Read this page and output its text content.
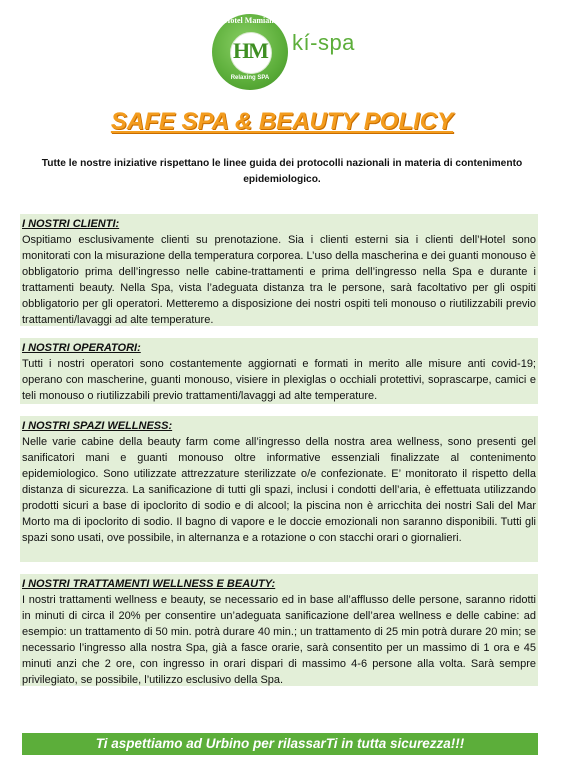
Hotel Mamiani
HM
Relaxing SPA
kí-spa
SAFE SPA & BEAUTY POLICY
Tutte le nostre iniziative rispettano le linee guida dei protocolli nazionali in materia di contenimento epidemiologico.
I NOSTRI CLIENTI:

Ospitiamo esclusivamente clienti su prenotazione. Sia i clienti esterni sia i clienti dell’Hotel sono monitorati con la misurazione della temperatura corporea. L’uso della mascherina e dei guanti monouso è obbligatorio prima dell’ingresso nelle cabine-trattamenti e prima dell’ingresso nella Spa e durante i trattamenti beauty. Nella Spa, vista l’adeguata distanza tra le persone, sarà facoltativo per gli ospiti obbligatorio per gli operatori. Metteremo a disposizione dei nostri ospiti teli monouso o riutilizzabili previo trattamenti/lavaggi ad alte temperature.

I NOSTRI OPERATORI:

Tutti i nostri operatori sono costantemente aggiornati e formati in merito alle misure anti covid-19; operano con mascherine, guanti monouso, visiere in plexiglas o occhiali protettivi, soprascarpe, camici e teli monouso o riutilizzabili previo trattamenti/lavaggi ad alte temperature.

I NOSTRI SPAZI WELLNESS:

Nelle varie cabine della beauty farm come all’ingresso della nostra area wellness, sono presenti gel sanificatori mani e guanti monouso oltre informative essenziali finalizzate al contenimento epidemiologico. Sono utilizzate attrezzature sterilizzate o/e confezionate. E’ monitorato il rispetto della distanza di sicurezza. La sanificazione di tutti gli spazi, inclusi i condotti dell’aria, è effettuata utilizzando prodotti sicuri a base di ipoclorito di sodio e di alcool; la piscina non è arricchita dei nostri Sali del Mar Morto ma di ipoclorito di sodio. Il bagno di vapore e le doccie emozionali non saranno disponibili. Tutti gli spazi sono usati, ove possibile, in alternanza e a rotazione o con stacchi orari o giornalieri.

I NOSTRI TRATTAMENTI WELLNESS E BEAUTY:

I nostri trattamenti wellness e beauty, se necessario ed in base all’afflusso delle persone, saranno ridotti in minuti di circa il 20% per consentire un’adeguata sanificazione dell’area wellness e delle cabine: ad esempio: un trattamento di 50 min. potrà durare 40 min.; un trattamento di 25 min potrà durare 20 min; se necessario l’ingresso alla nostra Spa, già a fasce orarie, sarà consentito per un massimo di 1 ora e 45 minuti anzi che 2 ore, con ingresso in orari dispari di massimo 4-6 persone alla volta. Sarà sempre privilegiato, se possibile, l’utilizzo esclusivo della Spa.

Ti aspettiamo ad Urbino per rilassarTi in tutta sicurezza!!!
